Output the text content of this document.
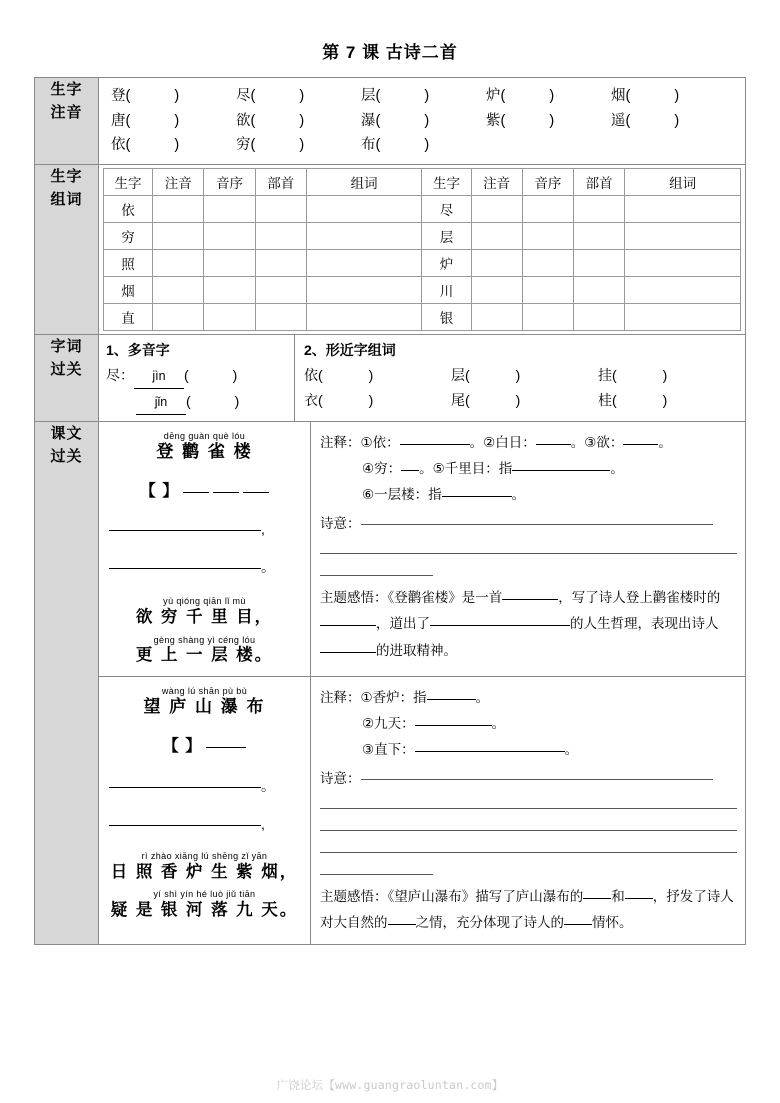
第 7 课 古诗二首
生字
注音

登(	)	尽(	)	层(	)	炉(	)	烟(	)
唐(	)	欲(	)	瀑(	)	紫(	)	遥(	)
依(	)	穷(	)	布(	)

生字
组词

生字	注音	音序	部首	组词	生字	注音	音序	部首	组词
依					尽				
穷					层				
照					炉				
烟					川				
直					银				

字词
过关

1、多音字
尽： jìn (	)
jǐn (	)
2、形近字组词
依(	)	层(	)	挂(	)
衣(	)	尾(	)	桂(	)

课文
过关

dēng guàn què lóu
登 鹳 雀 楼
【 】
,
。
yù qióng qiān lǐ mù
欲 穷 千 里 目，
gèng shàng yì céng lóu
更 上 一 层 楼。
注释：①依：	。②白日：	。③欲：	。
④穷： 。⑤千里目：指	。
⑥一层楼：指	。
诗意：
主题感悟：《登鹳雀楼》是一首	，写了诗人登上鹳雀楼时的，道出了	的人生哲理，表现出诗人的进取精神。

wàng lú shān pù bù
望 庐 山 瀑 布
【 】
。
,
rì zhào xiāng lú shēng zǐ yān
日 照 香 炉 生 紫 烟，
yí shì yín hé luò jiǔ tiān
疑 是 银 河 落 九 天。
注释：①香炉：指	。
②九天：	。
③直下：	。
诗意：
主题感悟：《望庐山瀑布》描写了庐山瀑布的 和 ，抒发了诗人对大自然的 之情，充分体现了诗人的 情怀。
广饶论坛【www.guangraoluntan.com】
